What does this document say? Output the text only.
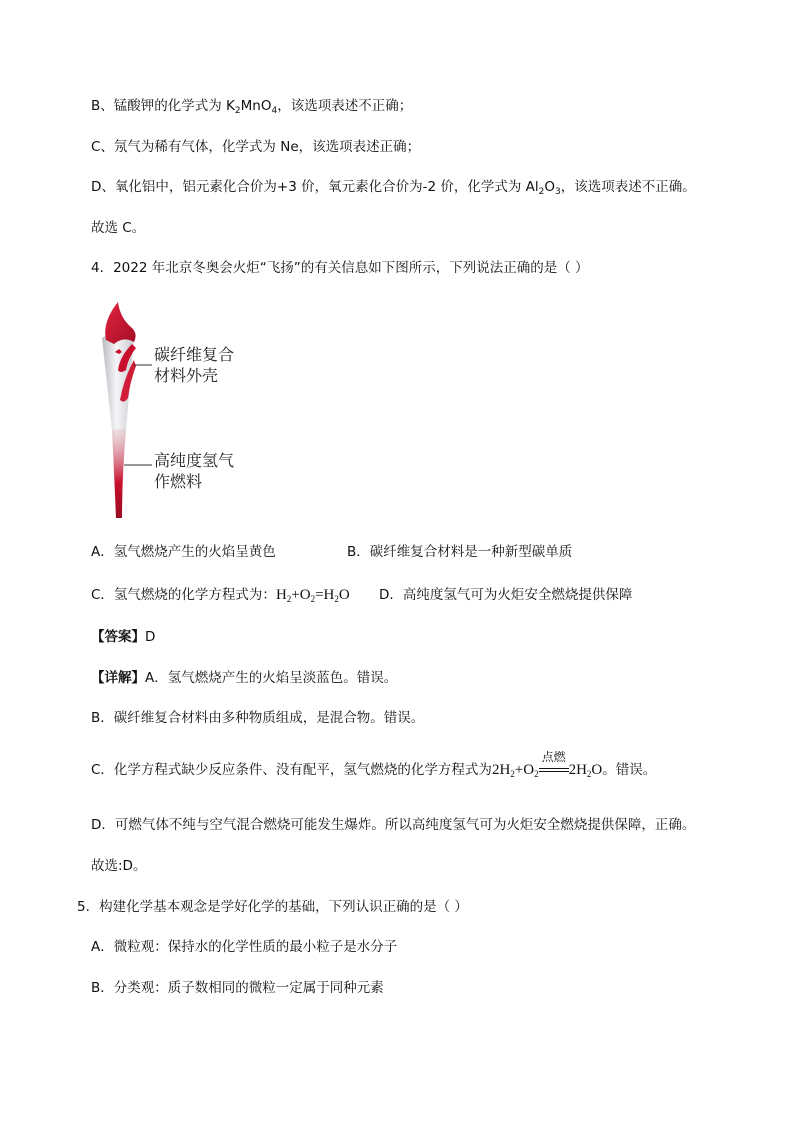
B、锰酸钾的化学式为 $K_2MnO_4$，该选项表述不正确；
C、氖气为稀有气体，化学式为 Ne，该选项表述正确；
D、氧化铝中，铝元素化合价为+3 价，氧元素化合价为-2 价，化学式为 $Al_2O_3$，该选项表述不正确。
故选 C。
4．2022 年北京冬奥会火炬“飞扬”的有关信息如下图所示，下列说法正确的是（ ）
碳纤维复合
材料外壳
高纯度氢气
作燃料
A．氢气燃烧产生的火焰呈黄色	B．碳纤维复合材料是一种新型碳单质
C．氢气燃烧的化学方程式为：$H_2+O_2=H_2O$ D．高纯度氢气可为火炬安全燃烧提供保障
【答案】D
【详解】A．氢气燃烧产生的火焰呈淡蓝色。错误。
B．碳纤维复合材料由多种物质组成，是混合物。错误。
C．化学方程式缺少反应条件、没有配平，氢气燃烧的化学方程式为$2H_2+O_2$
点燃
$2H_2O$。错误。
D．可燃气体不纯与空气混合燃烧可能发生爆炸。所以高纯度氢气可为火炬安全燃烧提供保障，正确。
故选:D。
5．构建化学基本观念是学好化学的基础，下列认识正确的是（ ）
A．微粒观：保持水的化学性质的最小粒子是水分子
B．分类观：质子数相同的微粒一定属于同种元素
